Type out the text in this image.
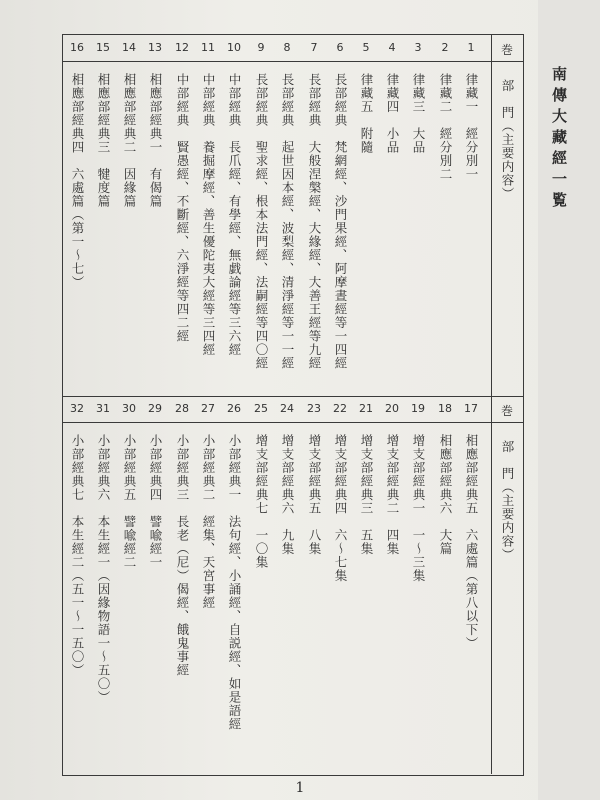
南傳大藏經一覧
16	15	14	13	12	11	10	9	8	7	6	5	4	3	2	1	巻
相應部經典四　六處篇（第一～七） 相應部經典三　犍度篇 相應部經典二　因緣篇 相應部經典一　有偈篇 中部經典　賢愚經、不斷經、六淨經等四二經 中部經典　養掘摩經、善生優陀夷大經等三四經 中部經典　長爪經、有學經、無戯論經等三六經 長部經典　聖求經、根本法門經、法嗣經等四〇經 長部經典　起世因本經、波梨經、清淨經等一一經 長部經典　大般涅槃經、大緣經、大善王經等九經 長部經典　梵網經、沙門果經、阿摩晝經等一四經 律藏五　附隨 律藏四　小品 律藏三　大品 律藏二　經分別二 律藏一　經分別一	部　門（主要内容）
32	31	30	29	28	27	26	25	24	23	22	21	20	19	18	17	巻
小部經典七　本生經二（五一～一五〇） 小部經典六　本生經一（因緣物語一～五〇） 小部經典五　譬喩經二 小部經典四　譬喩經一 小部經典三　長老（尼）偈經、餓鬼事經 小部經典二　經集、天宮事經 小部經典一　法句經、小誦經、自説經、如是語經 增支部經典七　一〇集 增支部經典六　九集 增支部經典五　八集 增支部經典四　六～七集 增支部經典三　五集 增支部經典二　四集 增支部經典一　一～三集 相應部經典六　大篇 相應部經典五　六處篇（第八以下）	部　門（主要内容）
1
